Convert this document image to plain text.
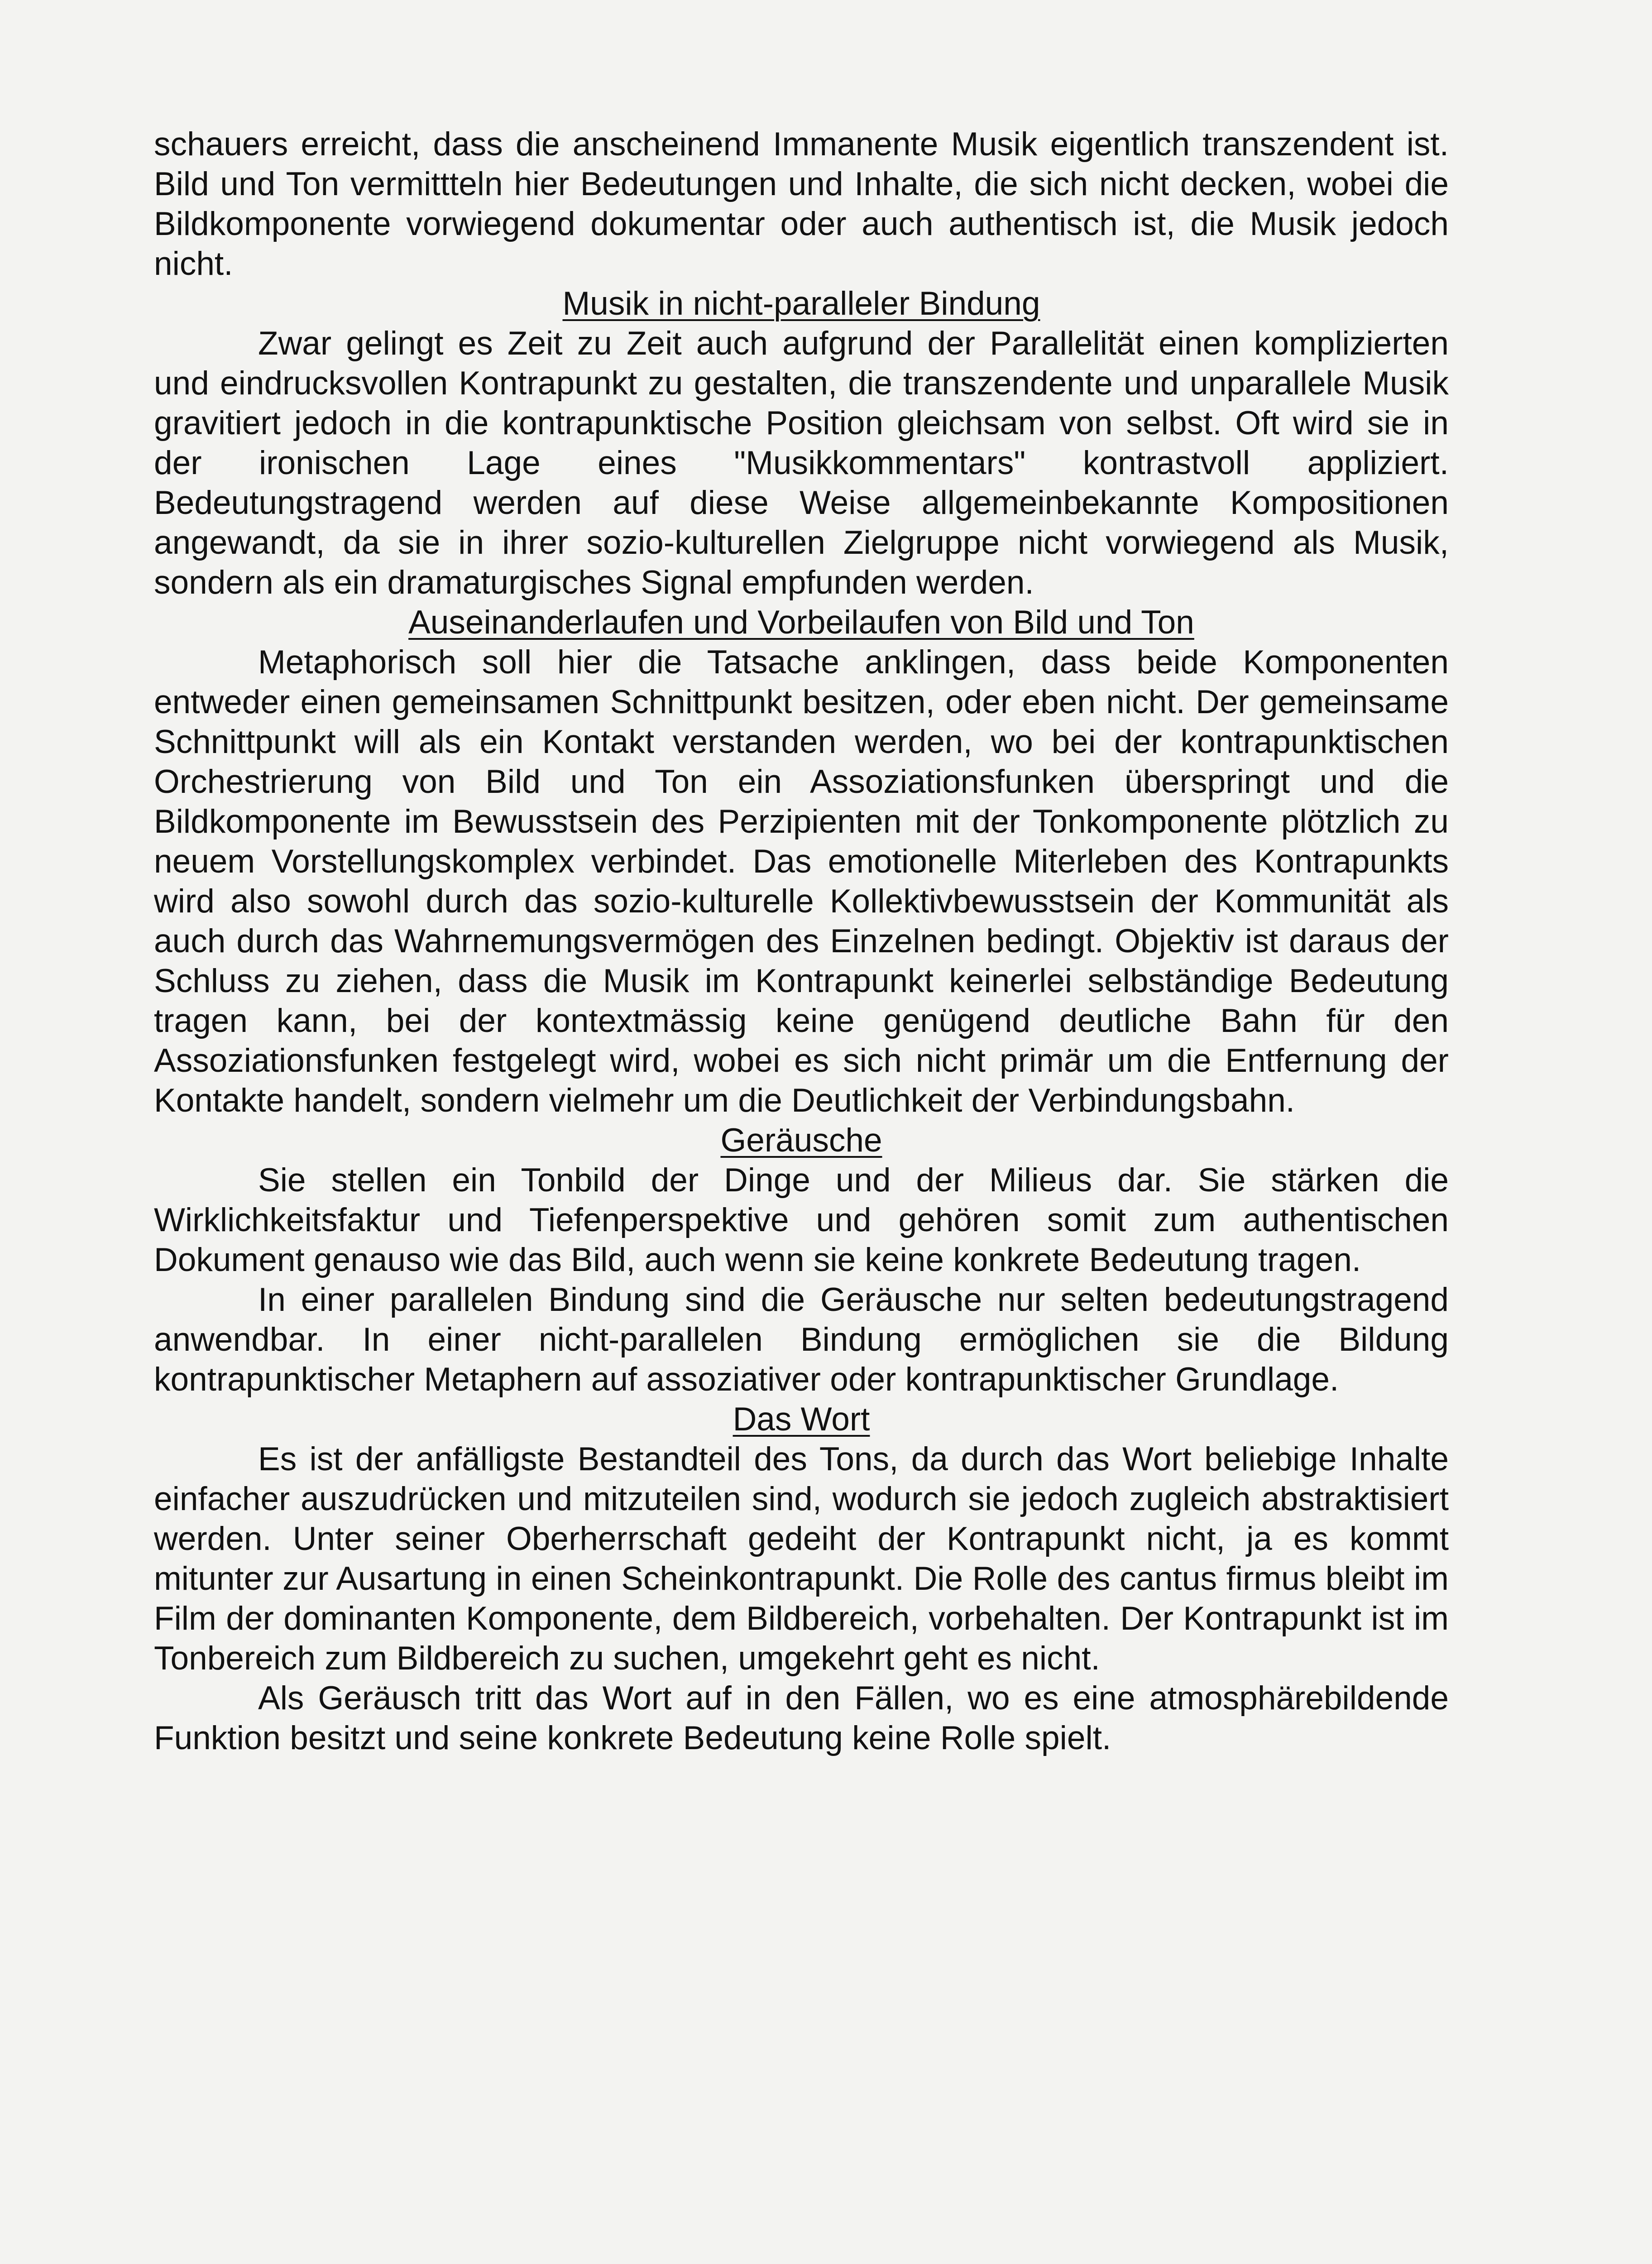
schauers erreicht, dass die anscheinend Immanente Musik eigentlich transzendent ist. Bild und Ton vermittteln hier Bedeutungen und Inhalte, die sich nicht decken, wobei die Bildkomponente vorwiegend dokumentar oder auch authentisch ist, die Musik jedoch nicht.

Musik in nicht-paralleler Bindung

Zwar gelingt es Zeit zu Zeit auch aufgrund der Parallelität einen komplizierten und eindrucksvollen Kontrapunkt zu gestalten, die transzendente und unparallele Musik gravitiert jedoch in die kontrapunktische Position gleichsam von selbst. Oft wird sie in der ironischen Lage eines "Musikkommentars" kontrastvoll appliziert. Bedeutungstragend werden auf diese Weise allgemeinbekannte Kompositionen angewandt, da sie in ihrer sozio-kulturellen Zielgruppe nicht vorwiegend als Musik, sondern als ein dramaturgisches Signal empfunden werden.

Auseinanderlaufen und Vorbeilaufen von Bild und Ton

Metaphorisch soll hier die Tatsache anklingen, dass beide Komponenten entweder einen gemeinsamen Schnittpunkt besitzen, oder eben nicht. Der gemeinsame Schnittpunkt will als ein Kontakt verstanden werden, wo bei der kontrapunktischen Orchestrierung von Bild und Ton ein Assoziationsfunken überspringt und die Bildkomponente im Bewusstsein des Perzipienten mit der Tonkomponente plötzlich zu neuem Vorstellungskomplex verbindet. Das emotionelle Miterleben des Kontrapunkts wird also sowohl durch das sozio-kulturelle Kollektivbewusstsein der Kommunität als auch durch das Wahrnemungsvermögen des Einzelnen bedingt. Objektiv ist daraus der Schluss zu ziehen, dass die Musik im Kontrapunkt keinerlei selbständige Bedeutung tragen kann, bei der kontextmässig keine genügend deutliche Bahn für den Assoziationsfunken festgelegt wird, wobei es sich nicht primär um die Entfernung der Kontakte handelt, sondern vielmehr um die Deutlichkeit der Verbindungsbahn.

Geräusche

Sie stellen ein Tonbild der Dinge und der Milieus dar. Sie stärken die Wirklichkeitsfaktur und Tiefenperspektive und gehören somit zum authentischen Dokument genauso wie das Bild, auch wenn sie keine konkrete Bedeutung tragen.

In einer parallelen Bindung sind die Geräusche nur selten bedeutungstragend anwendbar. In einer nicht-parallelen Bindung ermöglichen sie die Bildung kontrapunktischer Metaphern auf assoziativer oder kontrapunktischer Grundlage.

Das Wort

Es ist der anfälligste Bestandteil des Tons, da durch das Wort beliebige Inhalte einfacher auszudrücken und mitzuteilen sind, wodurch sie jedoch zugleich abstraktisiert werden. Unter seiner Oberherrschaft gedeiht der Kontrapunkt nicht, ja es kommt mitunter zur Ausartung in einen Scheinkontrapunkt. Die Rolle des cantus firmus bleibt im Film der dominanten Komponente, dem Bildbereich, vorbehalten. Der Kontrapunkt ist im Tonbereich zum Bildbereich zu suchen, umgekehrt geht es nicht.

Als Geräusch tritt das Wort auf in den Fällen, wo es eine atmosphärebildende Funktion besitzt und seine konkrete Bedeutung keine Rolle spielt.
